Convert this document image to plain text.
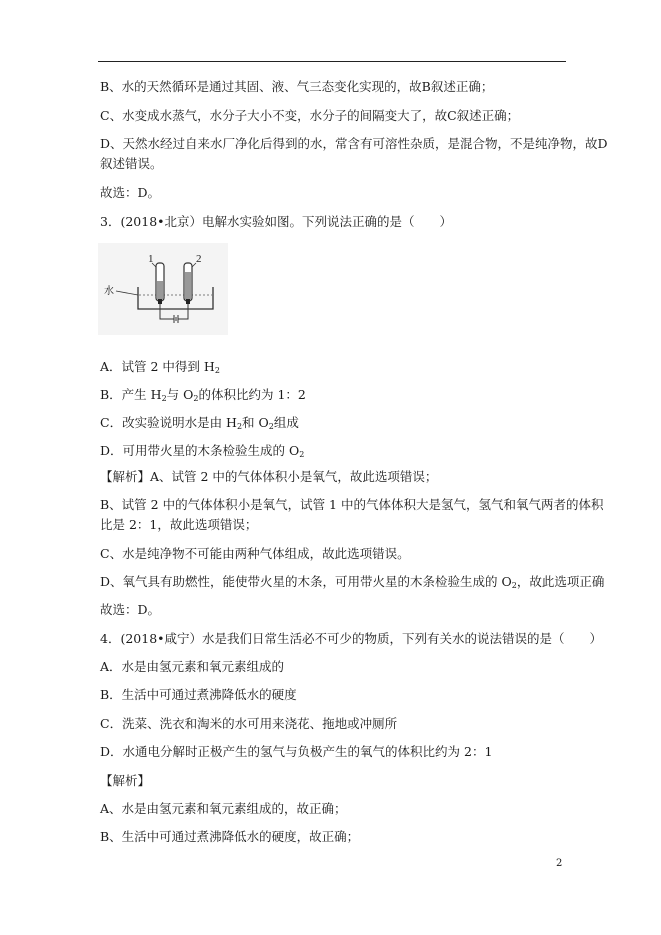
B、水的天然循环是通过其固、液、气三态变化实现的，故B叙述正确；
C、水变成水蒸气，水分子大小不变，水分子的间隔变大了，故C叙述正确；
D、天然水经过自来水厂净化后得到的水，常含有可溶性杂质，是混合物，不是纯净物，故D
叙述错误。
故选：D。
3．(2018•北京）电解水实验如图。下列说法正确的是（　　）
1	2
水
A．试管 2 中得到 $H_2$
B．产生 $H_2$与 $O_2$的体积比约为 1：2
C．改实验说明水是由 $H_2$和 $O_2$组成
D．可用带火星的木条检验生成的 $O_2$
【解析】A、试管 2 中的气体体积小是氧气，故此选项错误；
B、试管 2 中的气体体积小是氧气，试管 1 中的气体体积大是氢气，氢气和氧气两者的体积
比是 2：1，故此选项错误；
C、水是纯净物不可能由两种气体组成，故此选项错误。
D、氧气具有助燃性，能使带火星的木条，可用带火星的木条检验生成的 $O_2$，故此选项正确
故选：D。
4．(2018•咸宁）水是我们日常生活必不可少的物质，下列有关水的说法错误的是（　　）
A．水是由氢元素和氧元素组成的
B．生活中可通过煮沸降低水的硬度
C．洗菜、洗衣和淘米的水可用来浇花、拖地或冲厕所
D．水通电分解时正极产生的氢气与负极产生的氧气的体积比约为 2：1
【解析】
A、水是由氢元素和氧元素组成的，故正确；
B、生活中可通过煮沸降低水的硬度，故正确；
2
